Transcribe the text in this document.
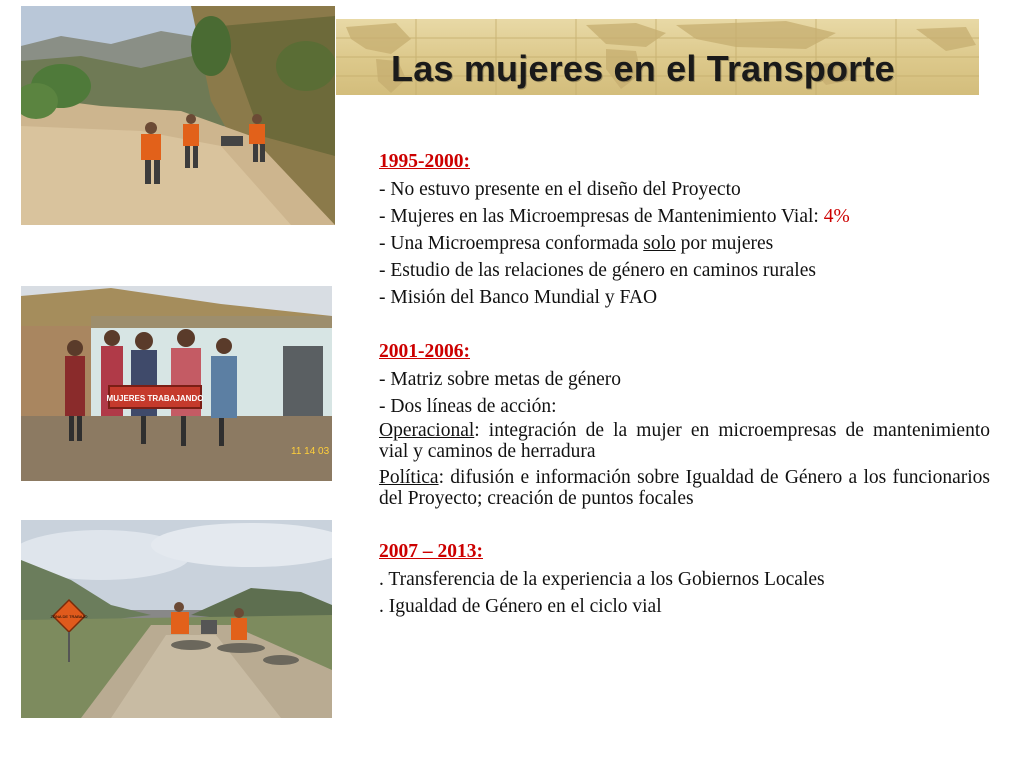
MUJERES TRABAJANDO
11 14 03
ZONA DE TRABAJO
Las mujeres en el Transporte

1995-2000:

- No estuvo presente en el diseño del Proyecto

- Mujeres en las Microempresas de Mantenimiento Vial: 4%

- Una Microempresa conformada solo por mujeres

- Estudio de las relaciones de género en caminos rurales

- Misión del Banco Mundial y FAO

2001-2006:

- Matriz sobre metas de género

- Dos líneas de acción:

Operacional: integración de la mujer en microempresas de mantenimiento vial y caminos de herradura

Política: difusión e información sobre Igualdad de Género a los funcionarios del Proyecto; creación de puntos focales

2007 – 2013:

. Transferencia de la experiencia a los Gobiernos Locales

. Igualdad de Género en el ciclo vial
